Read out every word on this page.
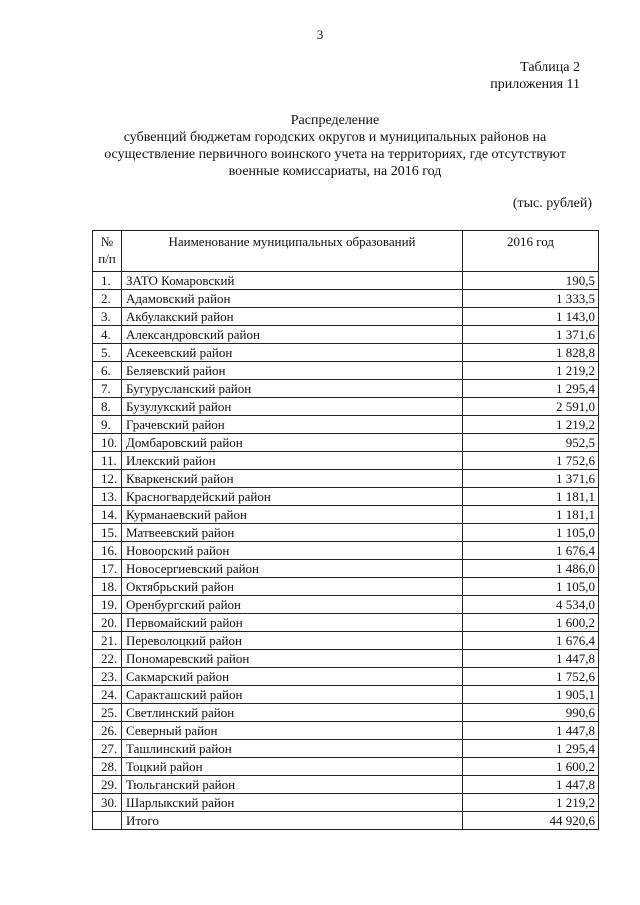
3
Таблица 2
приложения 11
Распределение
субвенций бюджетам городских округов и муниципальных районов на
осуществление первичного воинского учета на территориях, где отсутствуют
военные комиссариаты, на 2016 год
(тыс. рублей)
№
п/п	Наименование муниципальных образований	2016 год
1.	ЗАТО Комаровский	190,5
2.	Адамовский район	1 333,5
3.	Акбулакский район	1 143,0
4.	Александровский район	1 371,6
5.	Асекеевский район	1 828,8
6.	Беляевский район	1 219,2
7.	Бугурусланский район	1 295,4
8.	Бузулукский район	2 591,0
9.	Грачевский район	1 219,2
10.	Домбаровский район	952,5
11.	Илекский район	1 752,6
12.	Кваркенский район	1 371,6
13.	Красногвардейский район	1 181,1
14.	Курманаевский район	1 181,1
15.	Матвеевский район	1 105,0
16.	Новоорский район	1 676,4
17.	Новосергиевский район	1 486,0
18.	Октябрьский район	1 105,0
19.	Оренбургский район	4 534,0
20.	Первомайский район	1 600,2
21.	Переволоцкий район	1 676,4
22.	Пономаревский район	1 447,8
23.	Сакмарский район	1 752,6
24.	Саракташский район	1 905,1
25.	Светлинский район	990,6
26.	Северный район	1 447,8
27.	Ташлинский район	1 295,4
28.	Тоцкий район	1 600,2
29.	Тюльганский район	1 447,8
30.	Шарлыкский район	1 219,2
	Итого	44 920,6
